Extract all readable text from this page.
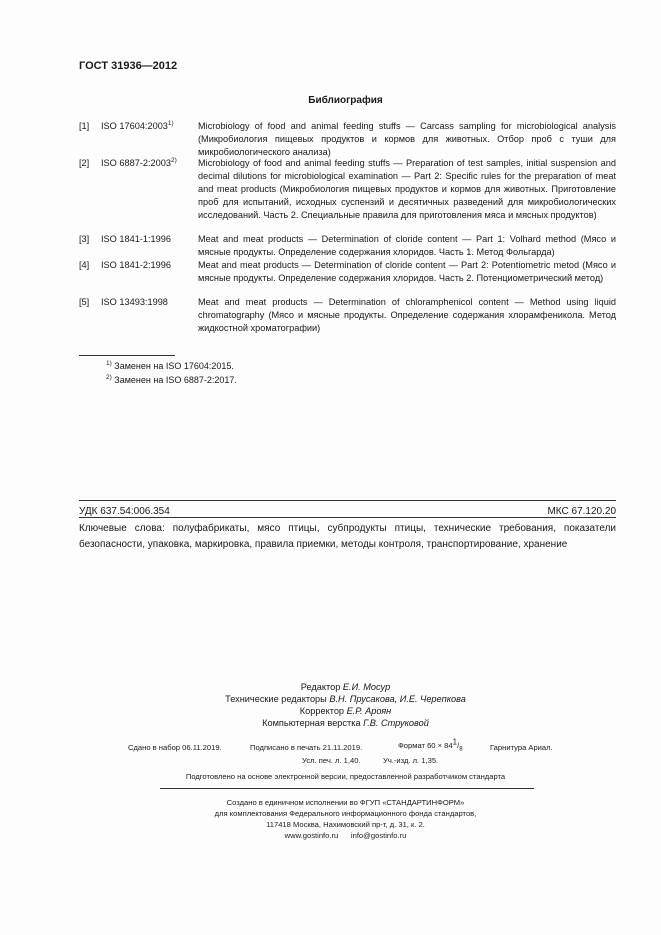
ГОСТ 31936—2012
Библиография
[1] ISO 17604:2003$^{1)}$	Microbiology of food and animal feeding stuffs — Carcass sampling for microbiological analysis (Микробиология пищевых продуктов и кормов для животных. Отбор проб с туши для микробиологического анализа)
[2] ISO 6887-2:2003$^{2)}$ Microbiology of food and animal feeding stuffs — Preparation of test samples, initial suspension and decimal dilutions for microbiological examination — Part 2: Specific rules for the preparation of meat and meat products (Микробиология пищевых продуктов и кормов для животных. Приготовление проб для испытаний, исходных суспензий и десятичных разведений для микробиологических исследований. Часть 2. Специальные правила для приготовления мяса и мясных продуктов)
[3] ISO 1841-1:1996	Meat and meat products — Determination of cloride content — Part 1: Volhard method (Мясо и мясные продукты. Определение содержания хлоридов. Часть 1. Метод Фольгарда)
[4] ISO 1841-2:1996	Meat and meat products — Determination of cloride content — Part 2: Potentiometric metod (Мясо и мясные продукты. Определение содержания хлоридов. Часть 2. Потенциометрический метод)
[5] ISO 13493:1998	Meat and meat products — Determination of chloramphenicol content — Method using liquid chromatography (Мясо и мясные продукты. Определение содержания хлорамфеникола. Метод жидкостной хроматографии)
$^{1)}$ Заменен на ISO 17604:2015.
$^{2)}$ Заменен на ISO 6887-2:2017.
УДК 637.54:006.354	МКС 67.120.20
Ключевые слова: полуфабрикаты, мясо птицы, субпродукты птицы, технические требования, показатели безопасности, упаковка, маркировка, правила приемки, методы контроля, транспортирование, хранение
Редактор Е.И. Мосур
Технические редакторы В.Н. Прусакова, И.Е. Черепкова
Корректор Е.Р. Ароян
Компьютерная верстка Г.В. Струковой
Сдано в набор 06.11.2019.	Подписано в печать 21.11.2019.	Формат $60 \times 84^1/_8$	Гарнитура Ариал.
Усл. печ. л. 1,40.	Уч.-изд. л. 1,35.
Подготовлено на основе электронной версии, предоставленной разработчиком стандарта
Создано в единичном исполнении во ФГУП «СТАНДАРТИНФОРМ»
для комплектования Федерального информационного фонда стандартов,
117418 Москва, Нахимовский пр-т, д. 31, к. 2.
www.gostinfo.ru      info@gostinfo.ru
